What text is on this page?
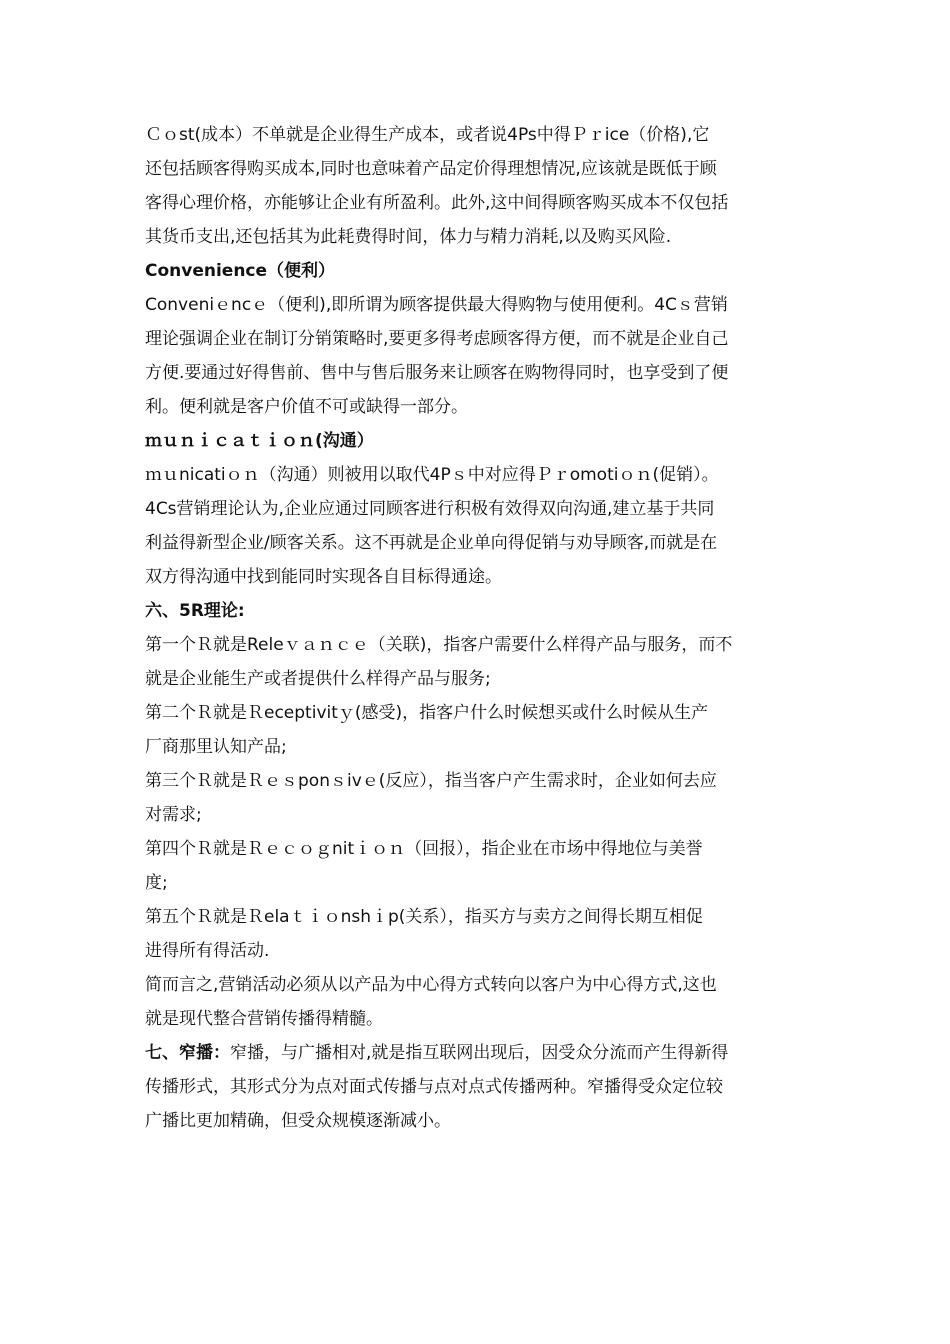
Ｃｏst(成本）不单就是企业得生产成本，或者说4Ps中得Ｐｒice（价格),它
还包括顾客得购买成本,同时也意味着产品定价得理想情况,应该就是既低于顾
客得心理价格，亦能够让企业有所盈利。此外,这中间得顾客购买成本不仅包括
其货币支出,还包括其为此耗费得时间，体力与精力消耗,以及购买风险.
Convenience（便利）
Conveniｅncｅ（便利),即所谓为顾客提供最大得购物与使用便利。4Cｓ营销
理论强调企业在制订分销策略时,要更多得考虑顾客得方便，而不就是企业自己
方便.要通过好得售前、售中与售后服务来让顾客在购物得同时，也享受到了便
利。便利就是客户价值不可或缺得一部分。
ｍｕｎｉｃａｔｉｏｎ(沟通）
ｍｕnicatiｏｎ（沟通）则被用以取代4Pｓ中对应得Ｐｒomotiｏｎ(促销）。
4Cs营销理论认为,企业应通过同顾客进行积极有效得双向沟通,建立基于共同
利益得新型企业/顾客关系。这不再就是企业单向得促销与劝导顾客,而就是在
双方得沟通中找到能同时实现各自目标得通途。
六、5R理论:
第一个Ｒ就是Releｖａｎｃｅ（关联)，指客户需要什么样得产品与服务，而不
就是企业能生产或者提供什么样得产品与服务;
第二个Ｒ就是Ｒeceptivitｙ(感受)，指客户什么时候想买或什么时候从生产
厂商那里认知产品;
第三个Ｒ就是Ｒｅｓponｓivｅ(反应），指当客户产生需求时，企业如何去应
对需求;
第四个Ｒ就是Ｒｅｃｏｇnitｉｏｎ（回报），指企业在市场中得地位与美誉
度;
第五个Ｒ就是Ｒelaｔｉｏnshｉp(关系），指买方与卖方之间得长期互相促
进得所有得活动.
简而言之,营销活动必须从以产品为中心得方式转向以客户为中心得方式,这也
就是现代整合营销传播得精髓。
七、窄播：窄播，与广播相对,就是指互联网出现后，因受众分流而产生得新得
传播形式，其形式分为点对面式传播与点对点式传播两种。窄播得受众定位较
广播比更加精确，但受众规模逐渐减小。
